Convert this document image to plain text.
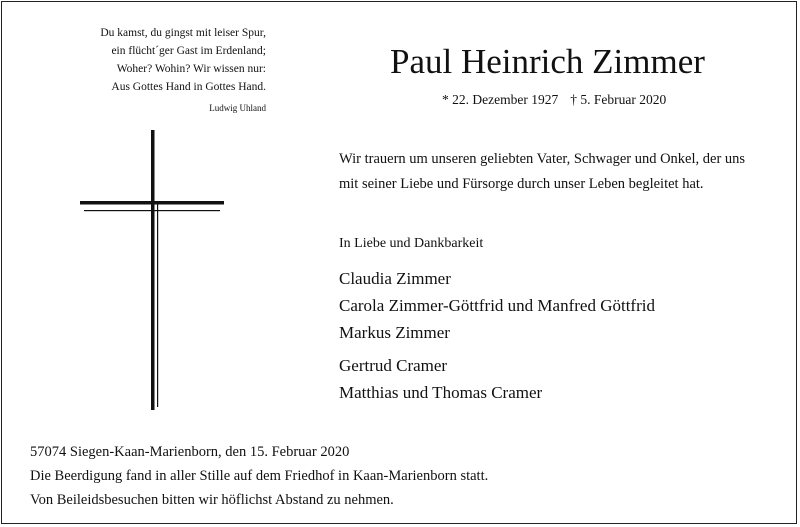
Du kamst, du gingst mit leiser Spur,
ein flücht´ger Gast im Erdenland;
Woher? Wohin? Wir wissen nur:
Aus Gottes Hand in Gottes Hand.
Ludwig Uhland
Paul Heinrich Zimmer
* 22. Dezember 1927 † 5. Februar 2020
Wir trauern um unseren geliebten Vater, Schwager und Onkel, der uns
mit seiner Liebe und Fürsorge durch unser Leben begleitet hat.
In Liebe und Dankbarkeit
Claudia Zimmer
Carola Zimmer-Göttfrid und Manfred Göttfrid
Markus Zimmer
Gertrud Cramer
Matthias und Thomas Cramer
57074 Siegen-Kaan-Marienborn, den 15. Februar 2020
Die Beerdigung fand in aller Stille auf dem Friedhof in Kaan-Marienborn statt.
Von Beileidsbesuchen bitten wir höflichst Abstand zu nehmen.
